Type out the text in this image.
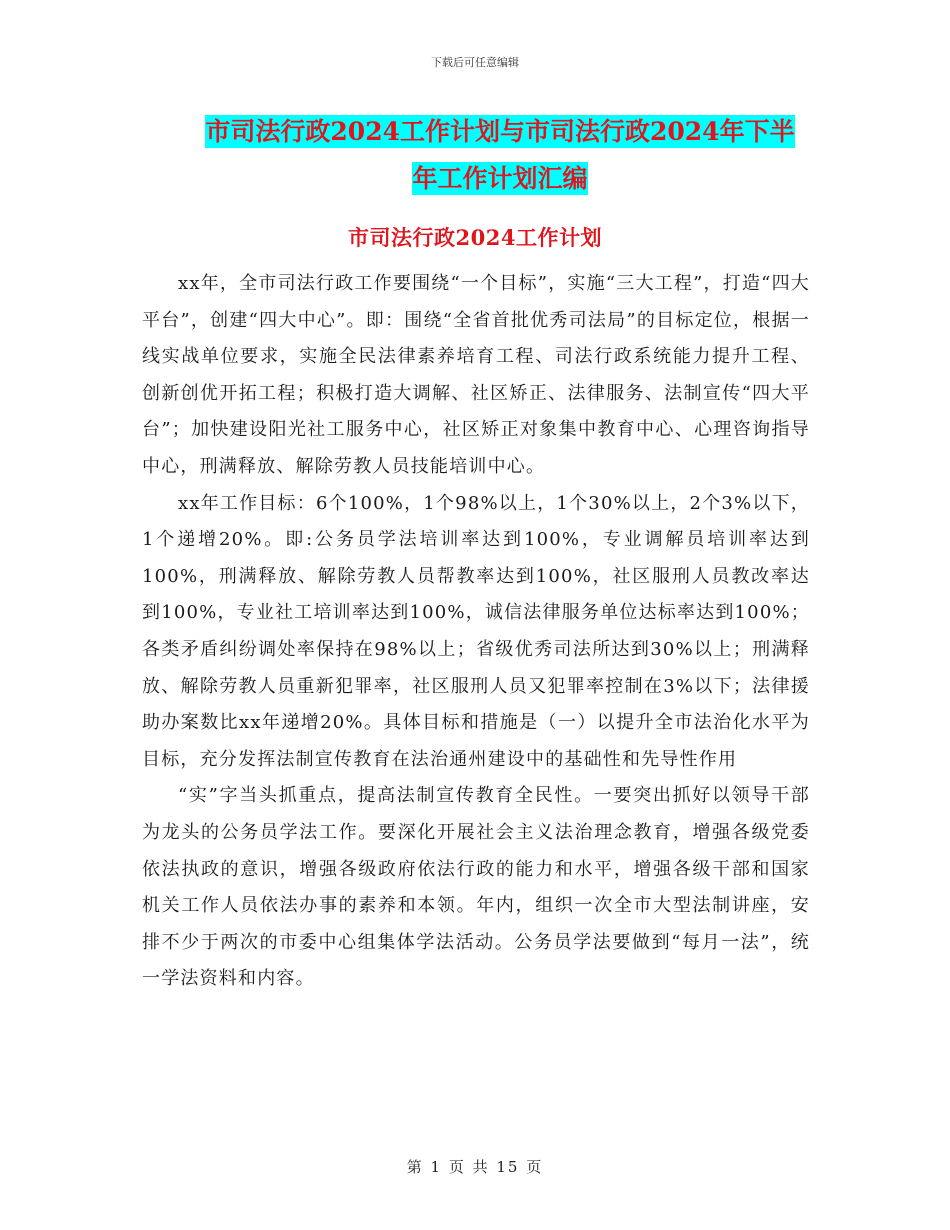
下载后可任意编辑
市司法行政2024工作计划与市司法行政2024年下半
年工作计划汇编
市司法行政2024工作计划

xx年，全市司法行政工作要围绕“一个目标”，实施“三大工程”，打造“四大平台”，创建“四大中心”。即：围绕“全省首批优秀司法局”的目标定位，根据一线实战单位要求，实施全民法律素养培育工程、司法行政系统能力提升工程、创新创优开拓工程；积极打造大调解、社区矫正、法律服务、法制宣传“四大平台”；加快建设阳光社工服务中心，社区矫正对象集中教育中心、心理咨询指导中心，刑满释放、解除劳教人员技能培训中心。

xx年工作目标：6个100%，1个98%以上，1个30%以上，2个3%以下，1个递增20%。即:公务员学法培训率达到100%，专业调解员培训率达到100%，刑满释放、解除劳教人员帮教率达到100%，社区服刑人员教改率达到100%，专业社工培训率达到100%，诚信法律服务单位达标率达到100%；各类矛盾纠纷调处率保持在98%以上；省级优秀司法所达到30%以上；刑满释放、解除劳教人员重新犯罪率，社区服刑人员又犯罪率控制在3%以下；法律援助办案数比xx年递增20%。具体目标和措施是（一）以提升全市法治化水平为目标，充分发挥法制宣传教育在法治通州建设中的基础性和先导性作用

“实”字当头抓重点，提高法制宣传教育全民性。一要突出抓好以领导干部为龙头的公务员学法工作。要深化开展社会主义法治理念教育，增强各级党委依法执政的意识，增强各级政府依法行政的能力和水平，增强各级干部和国家机关工作人员依法办事的素养和本领。年内，组织一次全市大型法制讲座，安排不少于两次的市委中心组集体学法活动。公务员学法要做到“每月一法”，统一学法资料和内容。

第 1 页 共 15 页
